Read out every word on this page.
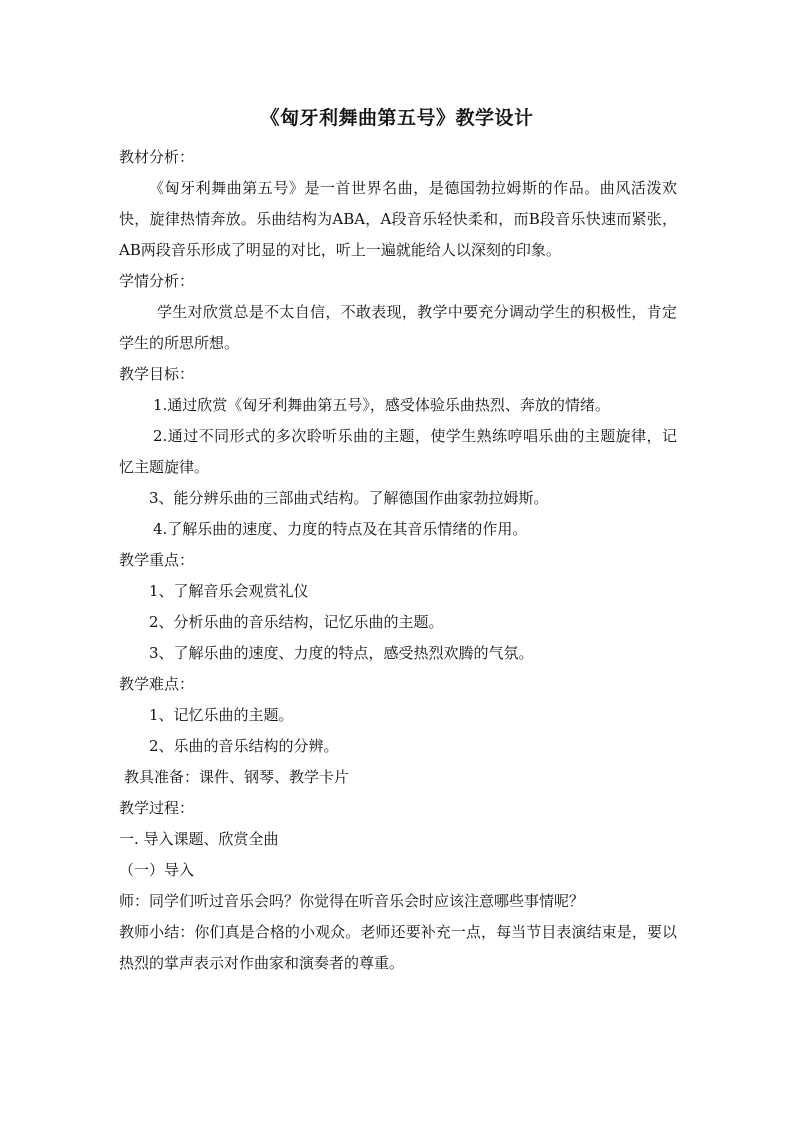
《匈牙利舞曲第五号》教学设计

教材分析：

《匈牙利舞曲第五号》是一首世界名曲，是德国勃拉姆斯的作品。曲风活泼欢快，旋律热情奔放。乐曲结构为ABA，A段音乐轻快柔和，而B段音乐快速而紧张，AB两段音乐形成了明显的对比，听上一遍就能给人以深刻的印象。

学情分析：

学生对欣赏总是不太自信，不敢表现，教学中要充分调动学生的积极性，肯定学生的所思所想。

教学目标：

1.通过欣赏《匈牙利舞曲第五号》，感受体验乐曲热烈、奔放的情绪。

2.通过不同形式的多次聆听乐曲的主题，使学生熟练哼唱乐曲的主题旋律，记忆主题旋律。

3、能分辨乐曲的三部曲式结构。了解德国作曲家勃拉姆斯。

4.了解乐曲的速度、力度的特点及在其音乐情绪的作用。

教学重点：

1、了解音乐会观赏礼仪

2、分析乐曲的音乐结构，记忆乐曲的主题。

3、了解乐曲的速度、力度的特点，感受热烈欢腾的气氛。

教学难点：

1、记忆乐曲的主题。

2、乐曲的音乐结构的分辨。

教具准备：课件、钢琴、教学卡片

教学过程：

一. 导入课题、欣赏全曲

（一）导入

师：同学们听过音乐会吗？你觉得在听音乐会时应该注意哪些事情呢？

教师小结：你们真是合格的小观众。老师还要补充一点，每当节目表演结束是，要以热烈的掌声表示对作曲家和演奏者的尊重。
